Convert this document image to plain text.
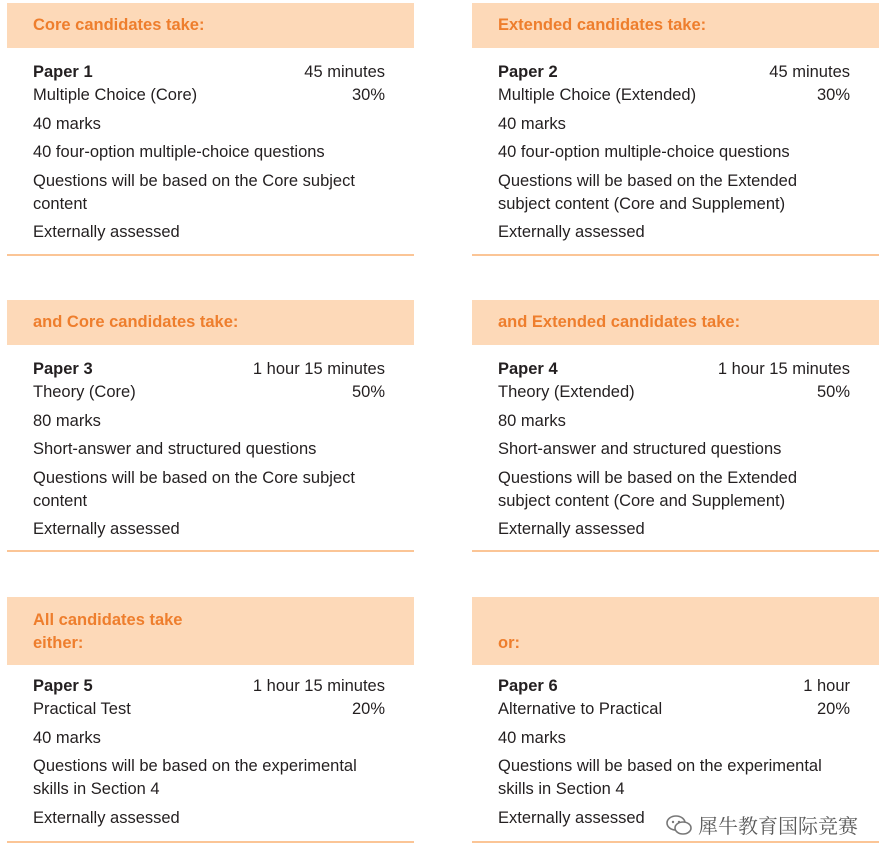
Core candidates take:
Paper 1	45 minutes
Multiple Choice (Core)	30%
40 marks
40 four-option multiple-choice questions
Questions will be based on the Core subject content
Externally assessed
Extended candidates take:
Paper 2	45 minutes
Multiple Choice (Extended)	30%
40 marks
40 four-option multiple-choice questions
Questions will be based on the Extended subject content (Core and Supplement)
Externally assessed
and Core candidates take:
Paper 3	1 hour 15 minutes
Theory (Core)	50%
80 marks
Short-answer and structured questions
Questions will be based on the Core subject content
Externally assessed
and Extended candidates take:
Paper 4	1 hour 15 minutes
Theory (Extended)	50%
80 marks
Short-answer and structured questions
Questions will be based on the Extended subject content (Core and Supplement)
Externally assessed
All candidates take
either:
Paper 5	1 hour 15 minutes
Practical Test	20%
40 marks
Questions will be based on the experimental skills in Section 4
Externally assessed
or:
Paper 6	1 hour
Alternative to Practical	20%
40 marks
Questions will be based on the experimental skills in Section 4
Externally assessed	犀牛教育国际竞赛
